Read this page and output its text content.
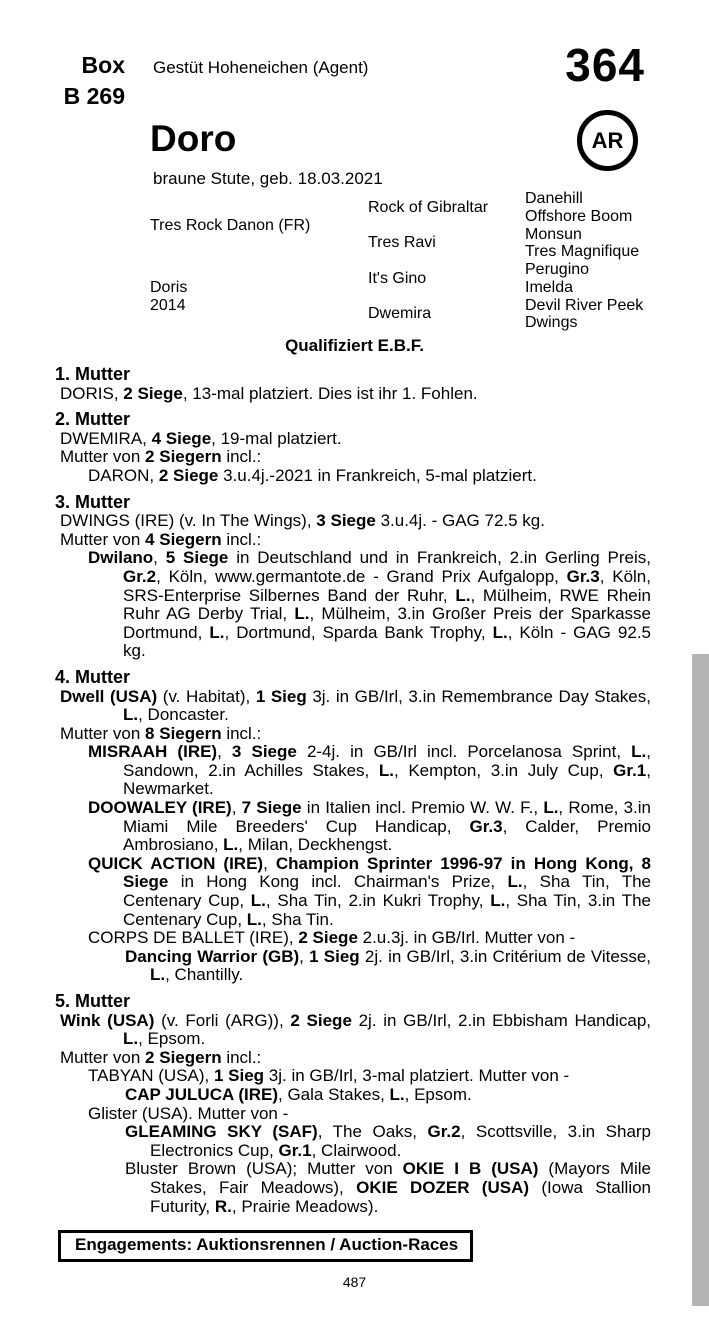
Box
B 269
Gestüt Hoheneichen (Agent)	364
Doro
braune Stute, geb. 18.03.2021
AR
Tres Rock Danon (FR)
Doris
2014
Rock of Gibraltar
Tres Ravi
It's Gino
Dwemira
Danehill
Offshore Boom
Monsun
Tres Magnifique
Perugino
Imelda
Devil River Peek
Dwings
Qualifiziert E.B.F.
1. Mutter

DORIS, 2 Siege, 13-mal platziert. Dies ist ihr 1. Fohlen.

2. Mutter

DWEMIRA, 4 Siege, 19-mal platziert.

Mutter von 2 Siegern incl.:

DARON, 2 Siege 3.u.4j.-2021 in Frankreich, 5-mal platziert.

3. Mutter

DWINGS (IRE) (v. In The Wings), 3 Siege 3.u.4j. - GAG 72.5 kg.

Mutter von 4 Siegern incl.:

Dwilano, 5 Siege in Deutschland und in Frankreich, 2.in Gerling Preis, Gr.2, Köln, www.germantote.de - Grand Prix Aufgalopp, Gr.3, Köln, SRS-Enterprise Silbernes Band der Ruhr, L., Mülheim, RWE Rhein Ruhr AG Derby Trial, L., Mülheim, 3.in Großer Preis der Sparkasse Dortmund, L., Dortmund, Sparda Bank Trophy, L., Köln - GAG 92.5 kg.

4. Mutter

Dwell (USA) (v. Habitat), 1 Sieg 3j. in GB/Irl, 3.in Remembrance Day Stakes, L., Doncaster.

Mutter von 8 Siegern incl.:

MISRAAH (IRE), 3 Siege 2-4j. in GB/Irl incl. Porcelanosa Sprint, L., Sandown, 2.in Achilles Stakes, L., Kempton, 3.in July Cup, Gr.1, Newmarket.

DOOWALEY (IRE), 7 Siege in Italien incl. Premio W. W. F., L., Rome, 3.in Miami Mile Breeders' Cup Handicap, Gr.3, Calder, Premio Ambrosiano, L., Milan, Deckhengst.

QUICK ACTION (IRE), Champion Sprinter 1996-97 in Hong Kong, 8 Siege in Hong Kong incl. Chairman's Prize, L., Sha Tin, The Centenary Cup, L., Sha Tin, 2.in Kukri Trophy, L., Sha Tin, 3.in The Centenary Cup, L., Sha Tin.

CORPS DE BALLET (IRE), 2 Siege 2.u.3j. in GB/Irl. Mutter von -

Dancing Warrior (GB), 1 Sieg 2j. in GB/Irl, 3.in Critérium de Vitesse, L., Chantilly.

5. Mutter

Wink (USA) (v. Forli (ARG)), 2 Siege 2j. in GB/Irl, 2.in Ebbisham Handicap, L., Epsom.

Mutter von 2 Siegern incl.:

TABYAN (USA), 1 Sieg 3j. in GB/Irl, 3-mal platziert. Mutter von -

CAP JULUCA (IRE), Gala Stakes, L., Epsom.

Glister (USA). Mutter von -

GLEAMING SKY (SAF), The Oaks, Gr.2, Scottsville, 3.in Sharp Electronics Cup, Gr.1, Clairwood.

Bluster Brown (USA); Mutter von OKIE I B (USA) (Mayors Mile Stakes, Fair Meadows), OKIE DOZER (USA) (Iowa Stallion Futurity, R., Prairie Meadows).

Engagements: Auktionsrennen / Auction-Races
487
